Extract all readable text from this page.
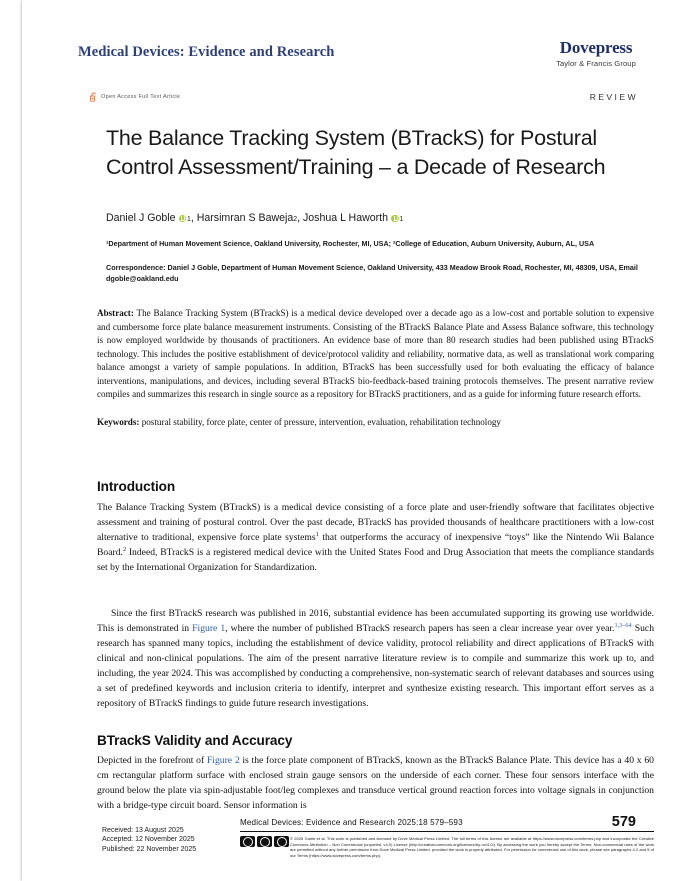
Medical Devices: Evidence and Research	Dovepress
Taylor & Francis Group
Open Access Full Text Article	REVIEW
The Balance Tracking System (BTrackS) for Postural Control Assessment/Training – a Decade of Research
Daniel J Goble 1 , Harsimran S Baweja 2 , Joshua L Haworth 1
¹Department of Human Movement Science, Oakland University, Rochester, MI, USA; ²College of Education, Auburn University, Auburn, AL, USA
Correspondence: Daniel J Goble, Department of Human Movement Science, Oakland University, 433 Meadow Brook Road, Rochester, MI, 48309, USA, Email dgoble@oakland.edu
Abstract: The Balance Tracking System (BTrackS) is a medical device developed over a decade ago as a low-cost and portable solution to expensive and cumbersome force plate balance measurement instruments. Consisting of the BTrackS Balance Plate and Assess Balance software, this technology is now employed worldwide by thousands of practitioners. An evidence base of more than 80 research studies had been published using BTrackS technology. This includes the positive establishment of device/protocol validity and reliability, normative data, as well as translational work comparing balance amongst a variety of sample populations. In addition, BTrackS has been successfully used for both evaluating the efficacy of balance interventions, manipulations, and devices, including several BTrackS bio-feedback-based training protocols themselves. The present narrative review compiles and summarizes this research in single source as a repository for BTrackS practitioners, and as a guide for informing future research efforts.
Keywords: postural stability, force plate, center of pressure, intervention, evaluation, rehabilitation technology
Introduction

The Balance Tracking System (BTrackS) is a medical device consisting of a force plate and user-friendly software that facilitates objective assessment and training of postural control. Over the past decade, BTrackS has provided thousands of healthcare practitioners with a low-cost alternative to traditional, expensive force plate systems$^1$ that outperforms the accuracy of inexpensive “toys” like the Nintendo Wii Balance Board.$^2$ Indeed, BTrackS is a registered medical device with the United States Food and Drug Association that meets the compliance standards set by the International Organization for Standardization.

Since the first BTrackS research was published in 2016, substantial evidence has been accumulated supporting its growing use worldwide. This is demonstrated in Figure 1, where the number of published BTrackS research papers has seen a clear increase year over year.$^{1,3-64}$ Such research has spanned many topics, including the establishment of device validity, protocol reliability and direct applications of BTrackS with clinical and non-clinical populations. The aim of the present narrative literature review is to compile and summarize this work up to, and including, the year 2024. This was accomplished by conducting a comprehensive, non-systematic search of relevant databases and sources using a set of predefined keywords and inclusion criteria to identify, interpret and synthesize existing research. This important effort serves as a repository of BTrackS findings to guide future research investigations.

BTrackS Validity and Accuracy

Depicted in the forefront of Figure 2 is the force plate component of BTrackS, known as the BTrackS Balance Plate. This device has a 40 x 60 cm rectangular platform surface with enclosed strain gauge sensors on the underside of each corner. These four sensors interface with the ground below the plate via spin-adjustable foot/leg complexes and transduce vertical ground reaction forces into voltage signals in conjunction with a bridge-type circuit board. Sensor information is

Received: 13 August 2025
Accepted: 12 November 2025
Published: 22 November 2025
Medical Devices: Evidence and Research 2025:18 579–593	579
© 2025 Goble et al. This work is published and licensed by Dove Medical Press Limited. The full terms of this license are available at https://www.dovepress.com/terms.php and incorporate the Creative Commons Attribution – Non Commercial (unported, v4.0) License (http://creativecommons.org/licenses/by-nc/4.0/). By accessing the work you hereby accept the Terms. Non-commercial uses of the work are permitted without any further permission from Dove Medical Press Limited, provided the work is properly attributed. For permission for commercial use of this work, please see paragraphs 4.2 and 5 of our Terms (https://www.dovepress.com/terms.php).
